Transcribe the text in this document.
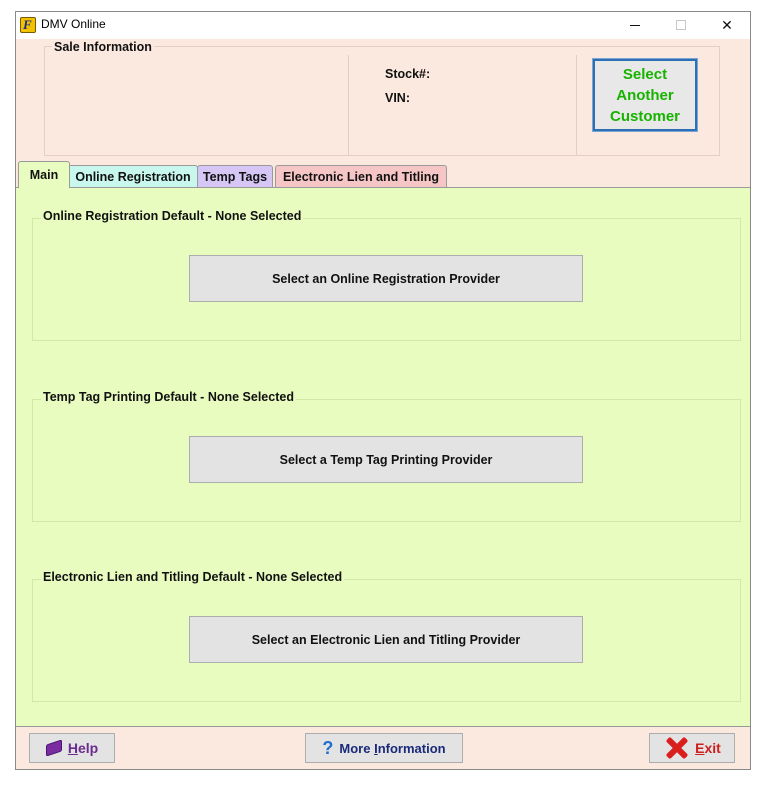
F DMV Online	✕
Stock#:
VIN:
Sale Information
Select
Another
Customer
Online Registration Temp Tags	Electronic Lien and Titling
Main
Online Registration Default - None Selected
Select an Online Registration Provider
Temp Tag Printing Default - None Selected
Select a Temp Tag Printing Provider
Electronic Lien and Titling Default - None Selected
Select an Electronic Lien and Titling Provider
Help	? More Information	Exit
